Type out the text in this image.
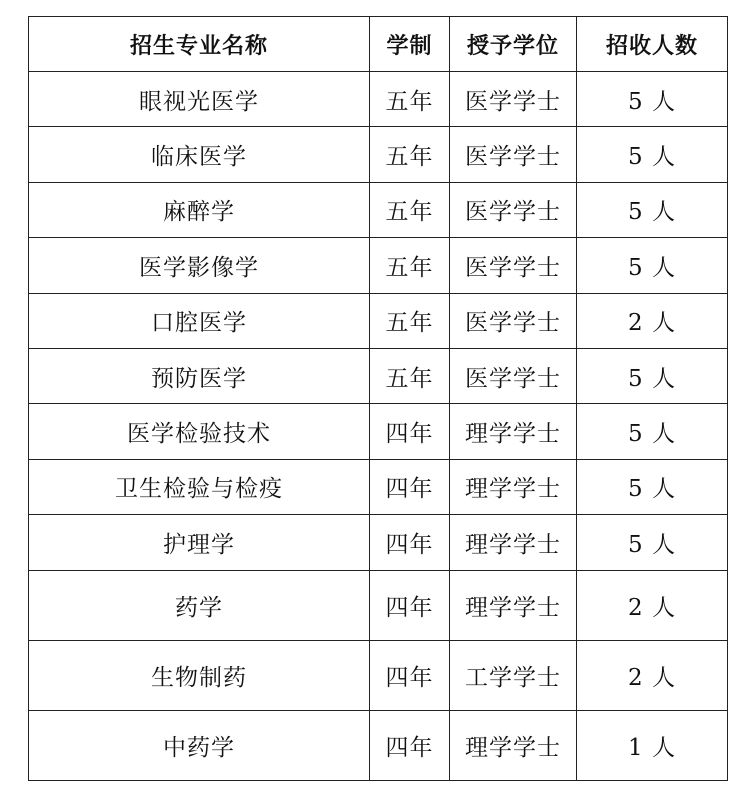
招生专业名称	学制	授予学位	招收人数
眼视光医学	五年	医学学士	5 人
临床医学	五年	医学学士	5 人
麻醉学	五年	医学学士	5 人
医学影像学	五年	医学学士	5 人
口腔医学	五年	医学学士	2 人
预防医学	五年	医学学士	5 人
医学检验技术	四年	理学学士	5 人
卫生检验与检疫	四年	理学学士	5 人
护理学	四年	理学学士	5 人
药学	四年	理学学士	2 人
生物制药	四年	工学学士	2 人
中药学	四年	理学学士	1 人
